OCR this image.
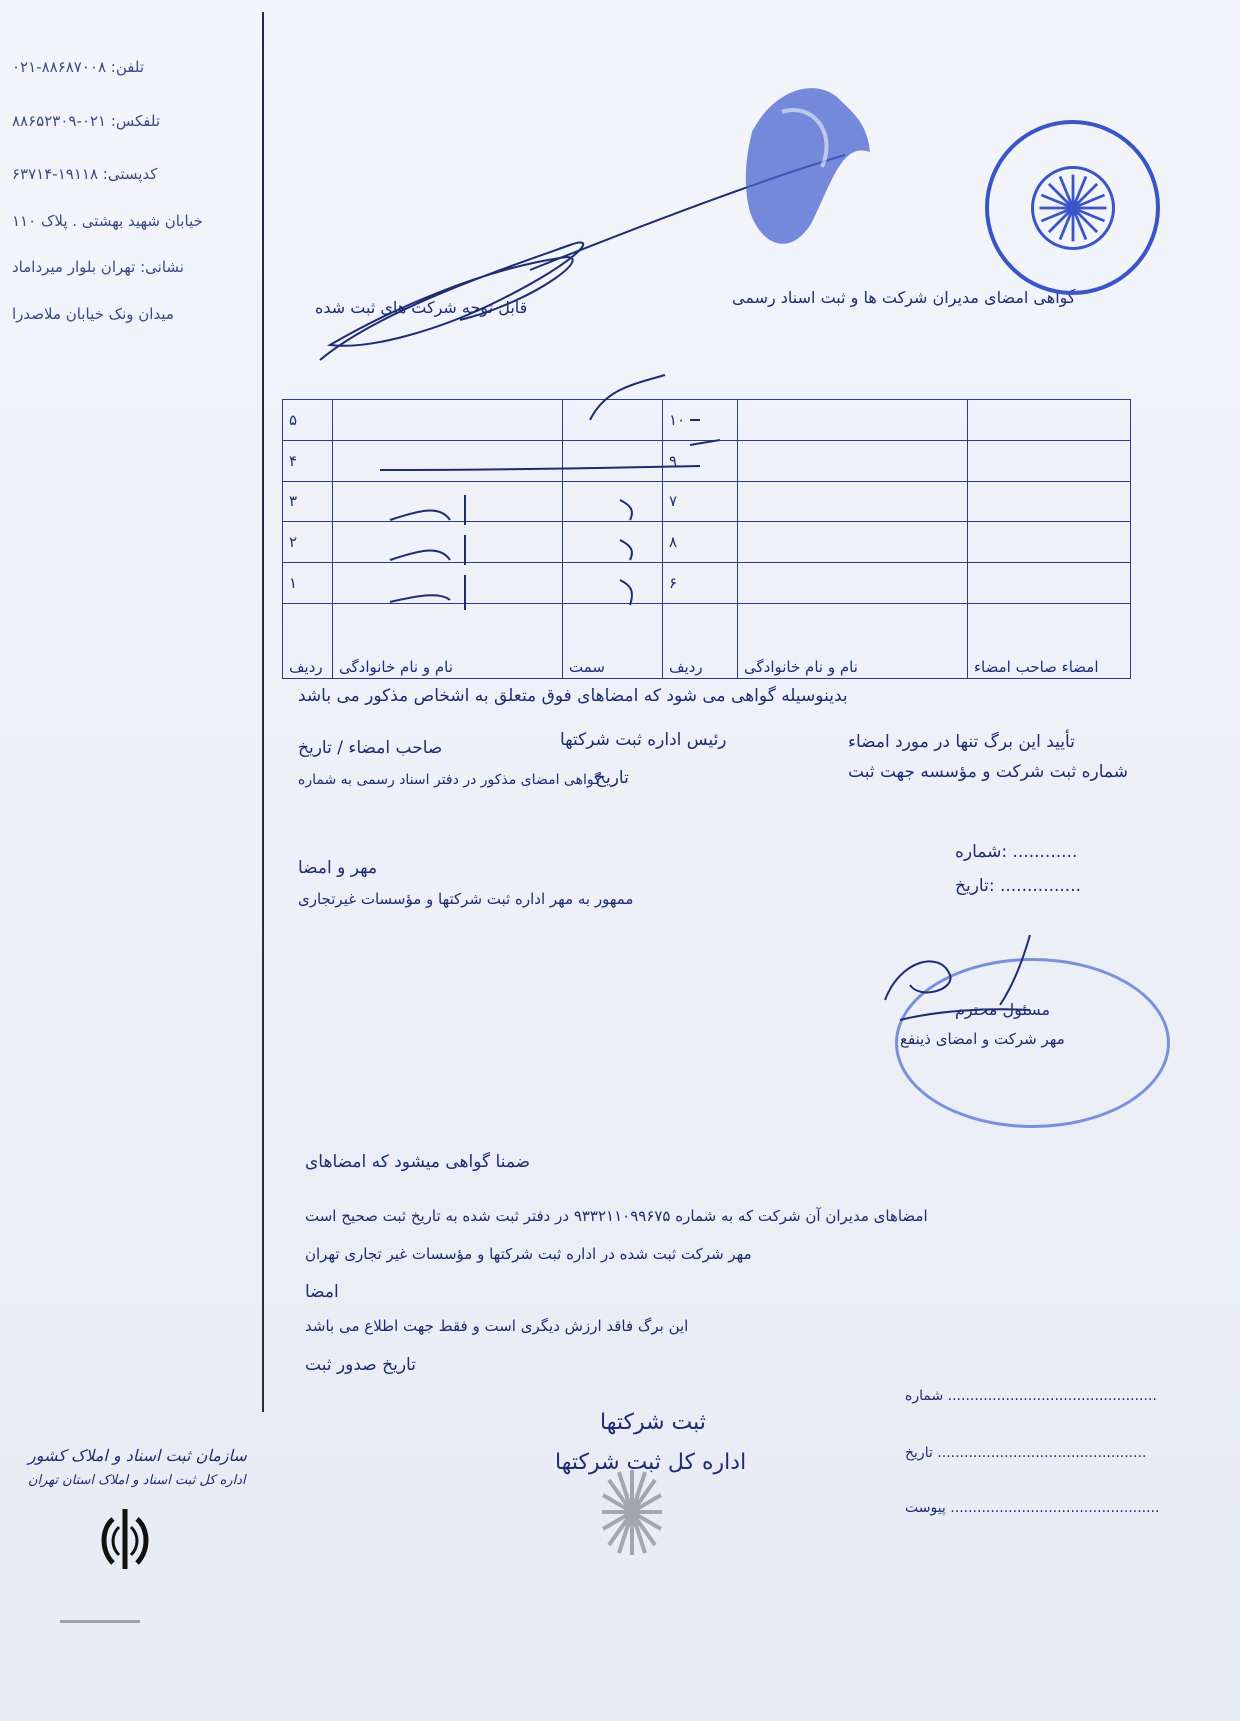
۰۲۱-۸۸۶۸۷۰۰۸ :تلفن
تلفکس: ۰۲۱-۸۸۶۵۲۳۰۹
کدپستی: ۱۹۱۱۸-۶۳۷۱۴
خیابان شهید بهشتی . پلاک ۱۱۰
نشانی: تهران بلوار میرداماد
میدان ونک خیابان ملاصدرا
سازمان ثبت اسناد و املاک کشور
اداره کل ثبت اسناد و املاک استان تهران
قابل توجه شرکت های ثبت شده
گواهی امضای مدیران شرکت ها و ثبت اسناد رسمی
۵			۱۰		
۴			۹		
۳			۷		
۲			۸		
۱			۶		
ردیف	نام و نام خانوادگی	سمت	ردیف	نام و نام خانوادگی	امضاء صاحب امضاء
بدینوسیله گواهی می شود که امضاهای فوق متعلق به اشخاص مذکور می باشد
صاحب امضاء / تاریخ	رئیس اداره ثبت شرکتها
تاریخ
گواهی امضای مذکور در دفتر اسناد رسمی به شماره
مهر و امضا
ممهور به مهر اداره ثبت شرکتها و مؤسسات غیرتجاری
تأیید این برگ تنها در مورد امضاء
شماره ثبت شرکت و مؤسسه جهت ثبت
شماره: ............
تاریخ: ...............
مسئول محترم
مهر شرکت و امضای ذینفع
ضمنا گواهی میشود که امضاهای
امضاهای مدیران آن شرکت که به شماره ۹۳۳۲۱۱۰۹۹۶۷۵ در دفتر ثبت شده به تاریخ ثبت صحیح است
مهر شرکت ثبت شده در اداره ثبت شرکتها و مؤسسات غیر تجاری تهران
امضا
این برگ فاقد ارزش دیگری است و فقط جهت اطلاع می باشد
تاریخ صدور ثبت
ثبت شرکتها
اداره کل ثبت شرکتها
شماره ...............................................
تاریخ ...............................................
پیوست ...............................................
